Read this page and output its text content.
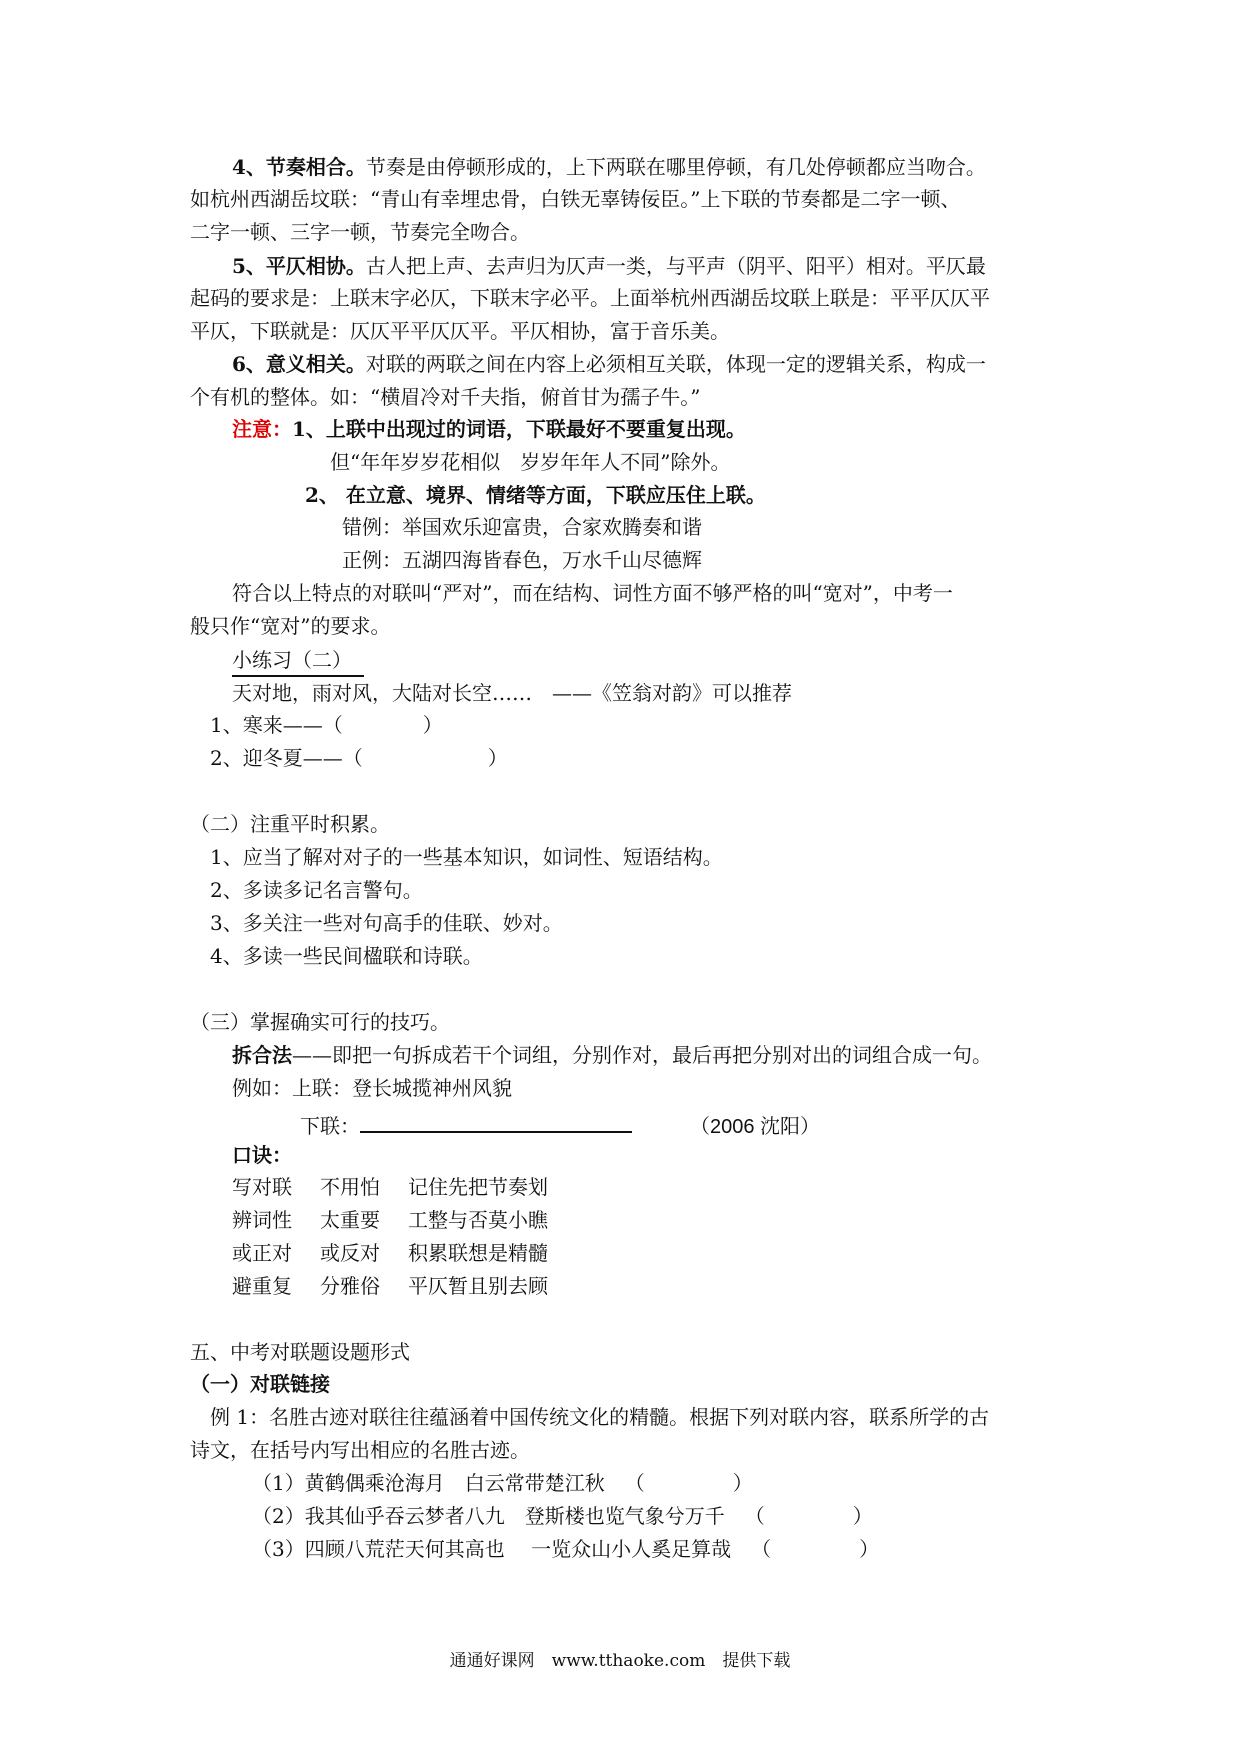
4、节奏相合。节奏是由停顿形成的，上下两联在哪里停顿，有几处停顿都应当吻合。
如杭州西湖岳坟联：“青山有幸埋忠骨，白铁无辜铸佞臣。”上下联的节奏都是二字一顿、
二字一顿、三字一顿，节奏完全吻合。
5、平仄相协。古人把上声、去声归为仄声一类，与平声（阴平、阳平）相对。平仄最
起码的要求是：上联末字必仄，下联末字必平。上面举杭州西湖岳坟联上联是：平平仄仄平
平仄，下联就是：仄仄平平仄仄平。平仄相协，富于音乐美。
6、意义相关。对联的两联之间在内容上必须相互关联，体现一定的逻辑关系，构成一
个有机的整体。如：“横眉冷对千夫指，俯首甘为孺子牛。”
注意：1、上联中出现过的词语，下联最好不要重复出现。
但“年年岁岁花相似　岁岁年年人不同”除外。
2、 在立意、境界、情绪等方面，下联应压住上联。
错例：举国欢乐迎富贵，合家欢腾奏和谐
正例：五湖四海皆春色，万水千山尽德辉
符合以上特点的对联叫“严对”，而在结构、词性方面不够严格的叫“宽对”，中考一
般只作“宽对”的要求。
小练习（二）
天对地，雨对风，大陆对长空……　——《笠翁对韵》可以推荐
1、寒来——（	）
2、迎冬夏——（	）
（二）注重平时积累。
1、应当了解对对子的一些基本知识，如词性、短语结构。
2、多读多记名言警句。
3、多关注一些对句高手的佳联、妙对。
4、多读一些民间楹联和诗联。
（三）掌握确实可行的技巧。
拆合法——即把一句拆成若干个词组，分别作对，最后再把分别对出的词组合成一句。
例如：上联：登长城揽神州风貌
下联：	（2006 沈阳）
口诀：
写对联 不用怕 记住先把节奏划
辨词性 太重要 工整与否莫小瞧
或正对 或反对 积累联想是精髓
避重复 分雅俗 平仄暂且别去顾
五、中考对联题设题形式
（一）对联链接
例 1：名胜古迹对联往往蕴涵着中国传统文化的精髓。根据下列对联内容，联系所学的古
诗文，在括号内写出相应的名胜古迹。
（1）黄鹤偶乘沧海月　白云常带楚江秋 （	）
（2）我其仙乎吞云梦者八九　登斯楼也览气象兮万千 （	）
（3）四顾八荒茫天何其高也　 一览众山小人奚足算哉 （	）
通通好课网　www.tthaoke.com　提供下载
